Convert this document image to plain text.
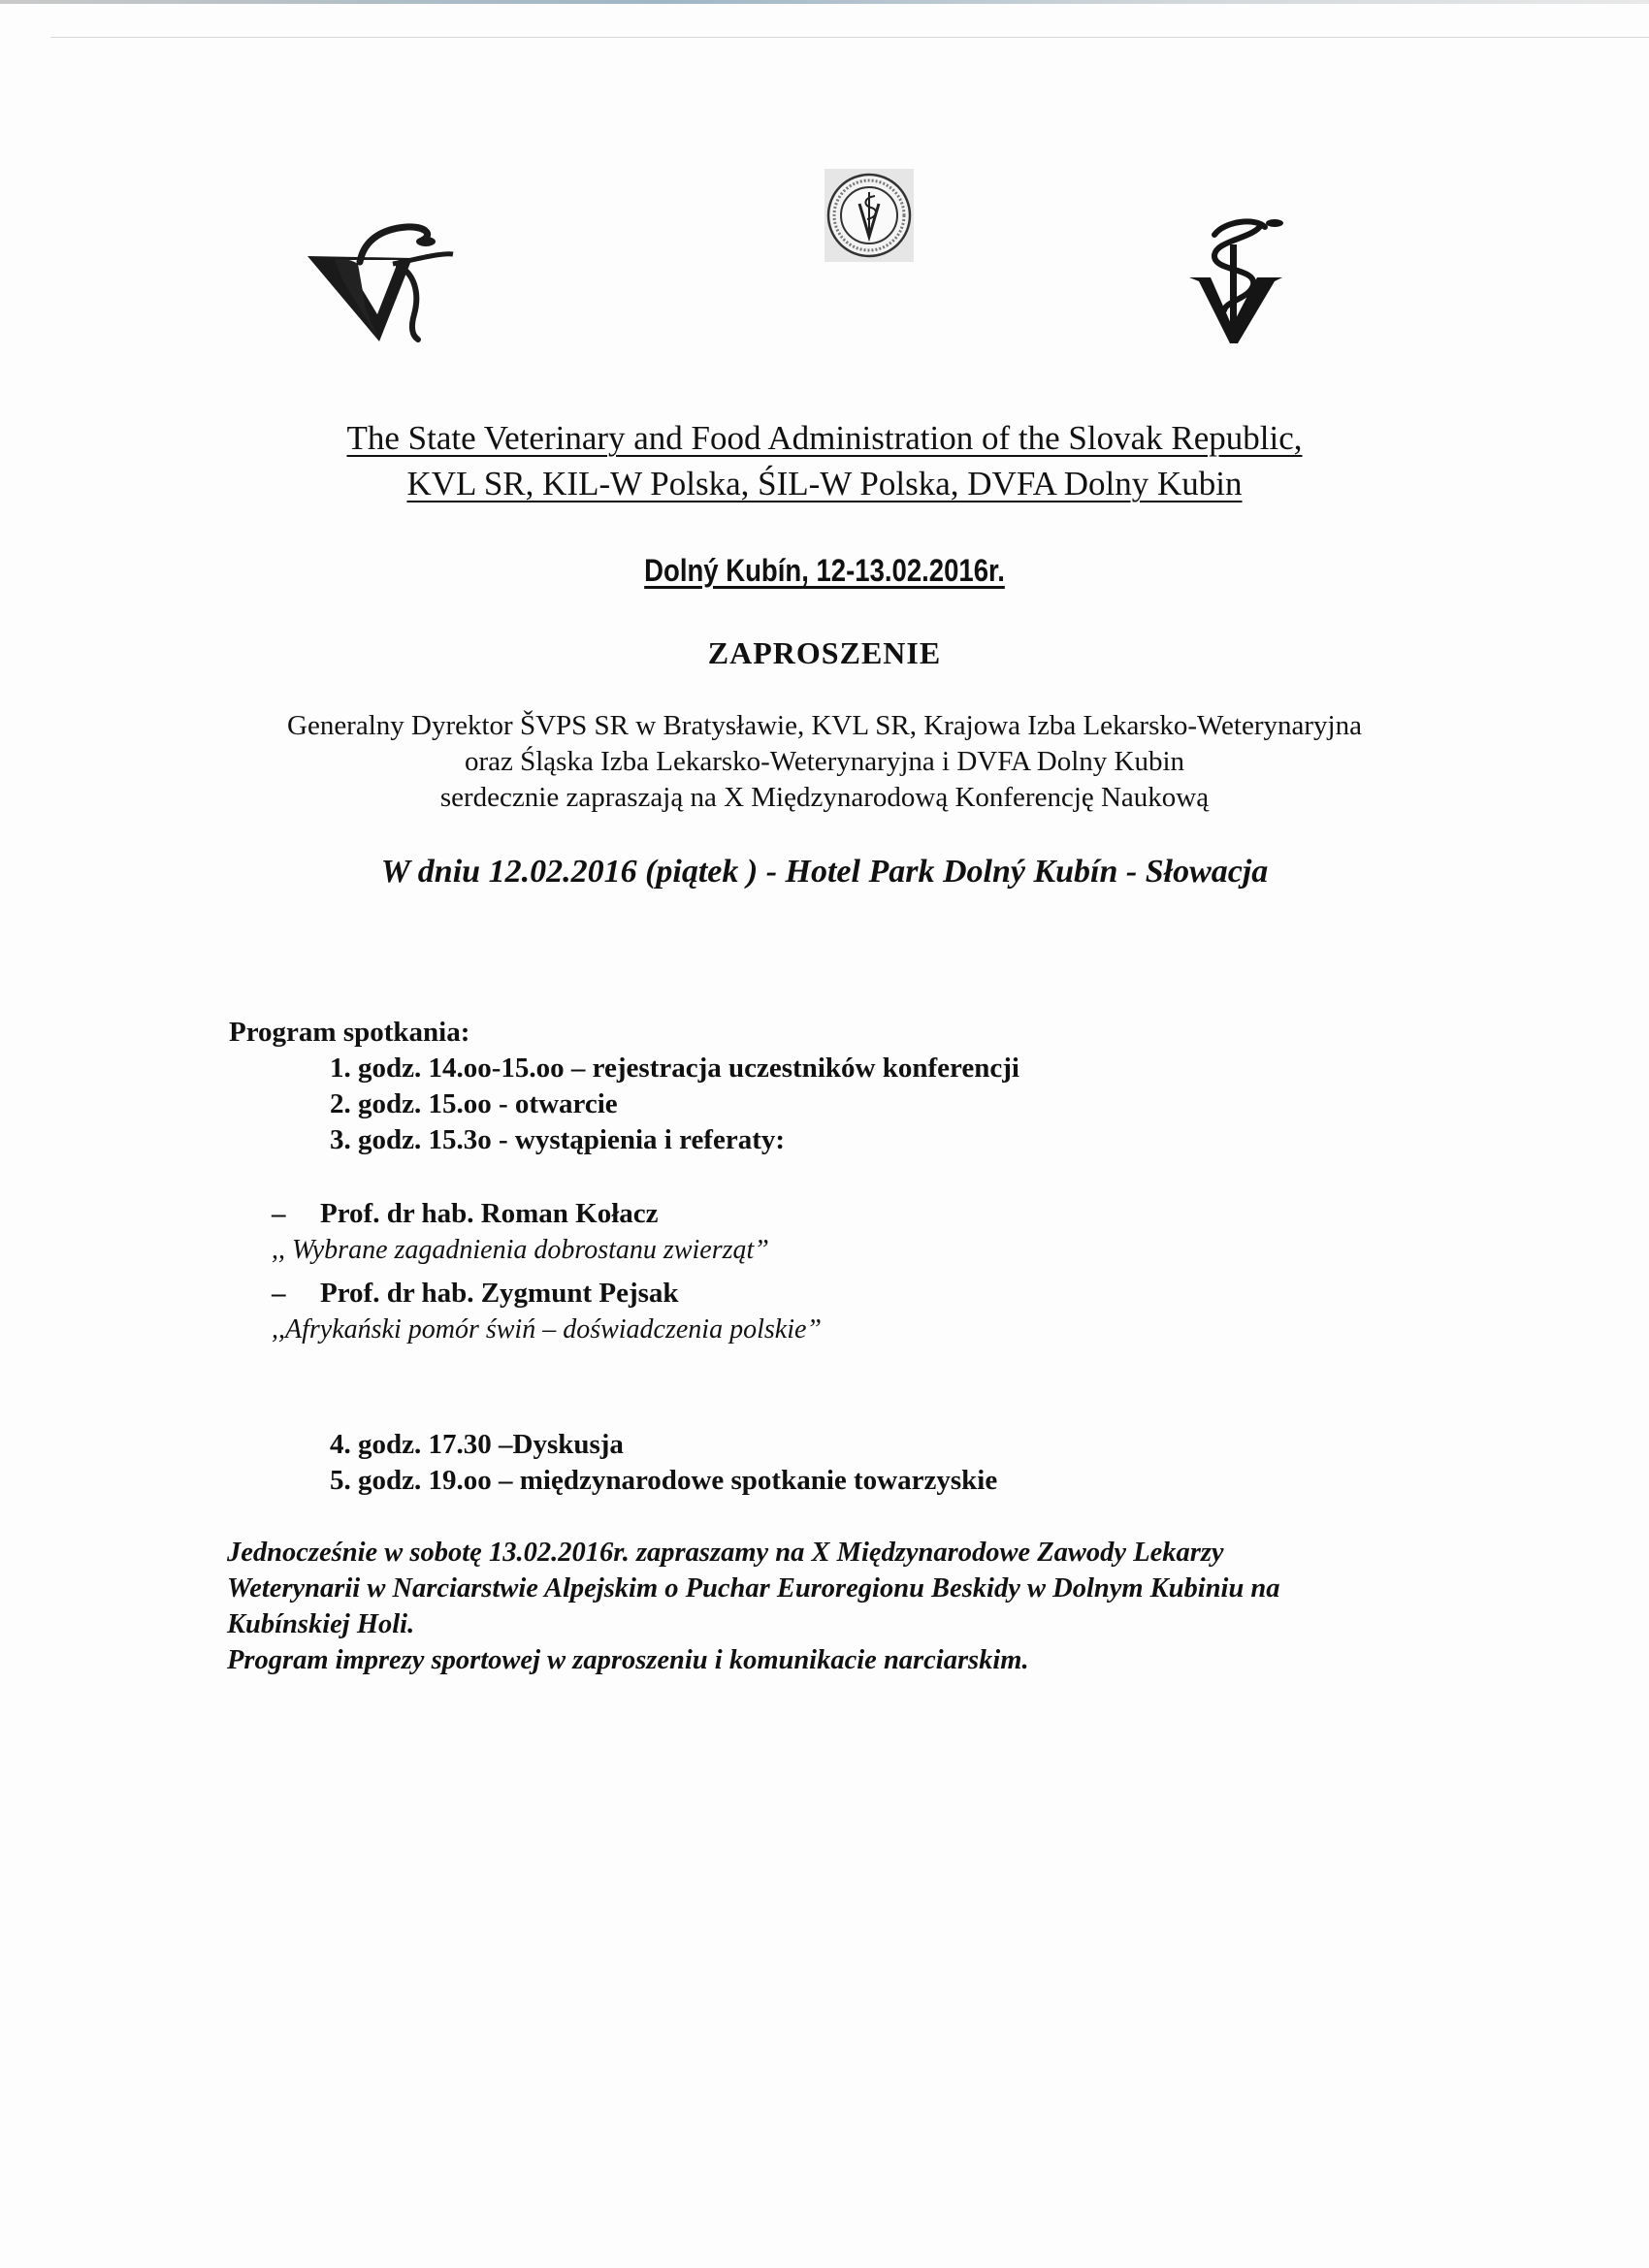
The State Veterinary and Food Administration of the Slovak Republic,
KVL SR, KIL-W Polska, ŚIL-W Polska, DVFA Dolny Kubin
Dolný Kubín, 12-13.02.2016r.
ZAPROSZENIE
Generalny Dyrektor ŠVPS SR w Bratysławie, KVL SR, Krajowa Izba Lekarsko-Weterynaryjna
oraz Śląska Izba Lekarsko-Weterynaryjna i DVFA Dolny Kubin
serdecznie zapraszają na X Międzynarodową Konferencję Naukową
W dniu 12.02.2016 (piątek ) - Hotel Park Dolný Kubín - Słowacja
Program spotkania:
1. godz. 14.oo-15.oo – rejestracja uczestników konferencji
2. godz. 15.oo - otwarcie
3. godz. 15.3o - wystąpienia i referaty:
– Prof. dr hab. Roman Kołacz
,, Wybrane zagadnienia dobrostanu zwierząt”
– Prof. dr hab. Zygmunt Pejsak
,,Afrykański pomór świń – doświadczenia polskie”
4. godz. 17.30 –Dyskusja
5. godz. 19.oo – międzynarodowe spotkanie towarzyskie
Jednocześnie w sobotę 13.02.2016r. zapraszamy na X Międzynarodowe Zawody Lekarzy
Weterynarii w Narciarstwie Alpejskim o Puchar Euroregionu Beskidy w Dolnym Kubiniu na
Kubínskiej Holi.
Program imprezy sportowej w zaproszeniu i komunikacie narciarskim.
